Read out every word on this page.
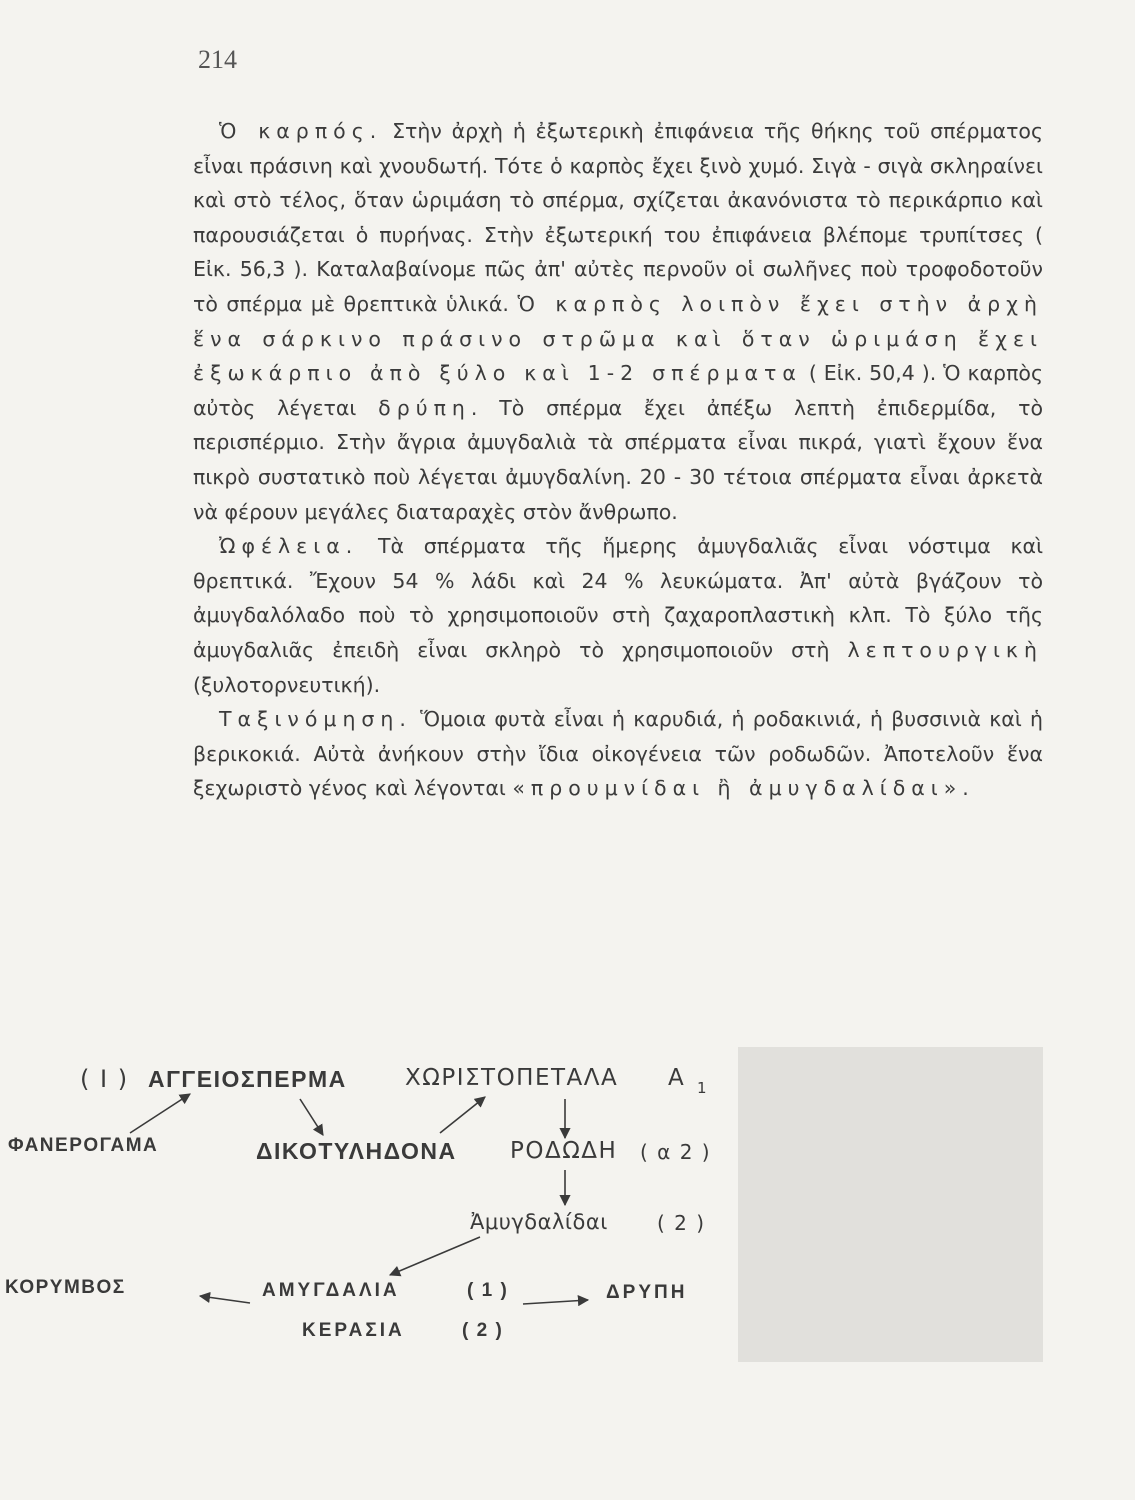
214

Ὁ καρπός. Στὴν ἀρχὴ ἡ ἐξωτερικὴ ἐπιφάνεια τῆς θήκης τοῦ σπέρματος εἶναι πράσινη καὶ χνουδωτή. Τότε ὁ καρπὸς ἔχει ξινὸ χυμό. Σιγὰ - σιγὰ σκληραίνει καὶ στὸ τέλος, ὅταν ὡριμάση τὸ σπέρμα, σχίζεται ἀκανόνιστα τὸ περικάρπιο καὶ παρουσιάζεται ὁ πυρήνας. Στὴν ἐξωτερική του ἐπιφάνεια βλέπομε τρυπίτσες ( Εἰκ. 56,3 ). Καταλαβαίνομε πῶς ἀπ' αὐτὲς περνοῦν οἱ σωλῆνες ποὺ τροφοδοτοῦν τὸ σπέρμα μὲ θρεπτικὰ ὑλικά. Ὁ καρπὸς λοιπὸν ἔχει στὴν ἀρχὴ ἕνα σάρκινο πράσινο στρῶμα καὶ ὅταν ὡριμάση ἔχει ἐξωκάρπιο ἀπὸ ξύλο καὶ 1-2 σπέρματα ( Εἰκ. 50,4 ). Ὁ καρπὸς αὐτὸς λέγεται δρύπη. Τὸ σπέρμα ἔχει ἀπέξω λεπτὴ ἐπιδερμίδα, τὸ περισπέρμιο. Στὴν ἄγρια ἀμυγδαλιὰ τὰ σπέρματα εἶναι πικρά, γιατὶ ἔχουν ἕνα πικρὸ συστατικὸ ποὺ λέγεται ἀμυγδαλίνη. 20 - 30 τέτοια σπέρματα εἶναι ἀρκετὰ νὰ φέρουν μεγάλες διαταραχὲς στὸν ἄνθρωπο.

Ὠφέλεια. Τὰ σπέρματα τῆς ἥμερης ἀμυγδαλιᾶς εἶναι νόστιμα καὶ θρεπτικά. Ἔχουν 54 % λάδι καὶ 24 % λευκώματα. Ἀπ' αὐτὰ βγάζουν τὸ ἀμυγδαλόλαδο ποὺ τὸ χρησιμοποιοῦν στὴ ζαχαροπλαστικὴ κλπ. Τὸ ξύλο τῆς ἀμυγδαλιᾶς ἐπειδὴ εἶναι σκληρὸ τὸ χρησιμοποιοῦν στὴ λεπτουργικὴ (ξυλοτορνευτική).

Ταξινόμηση. Ὅμοια φυτὰ εἶναι ἡ καρυδιά, ἡ ροδακινιά, ἡ βυσσινιὰ καὶ ἡ βερικοκιά. Αὐτὰ ἀνήκουν στὴν ἴδια οἰκογένεια τῶν ροδωδῶν. Ἀποτελοῦν ἕνα ξεχωριστὸ γένος καὶ λέγονται «προυμνίδαι ἢ ἀμυγδαλίδαι».

( I ) ΑΓΓΕΙΟΣΠΕΡΜΑ	ΧΩΡΙΣΤΟΠΕΤΑΛΑ Α 1
ΦΑΝΕΡΟΓΑΜΑ	ΔΙΚΟΤΥΛΗΔΟΝΑ ΡΟΔΩΔΗ ( α 2 )
Ἀμυγδαλίδαι ( 2 )
ΚΟΡΥΜΒΟΣ	ΑΜΥΓΔΑΛΙΑ	( 1 )	ΔΡΥΠΗ
ΚΕΡΑΣΙΑ	( 2 )
